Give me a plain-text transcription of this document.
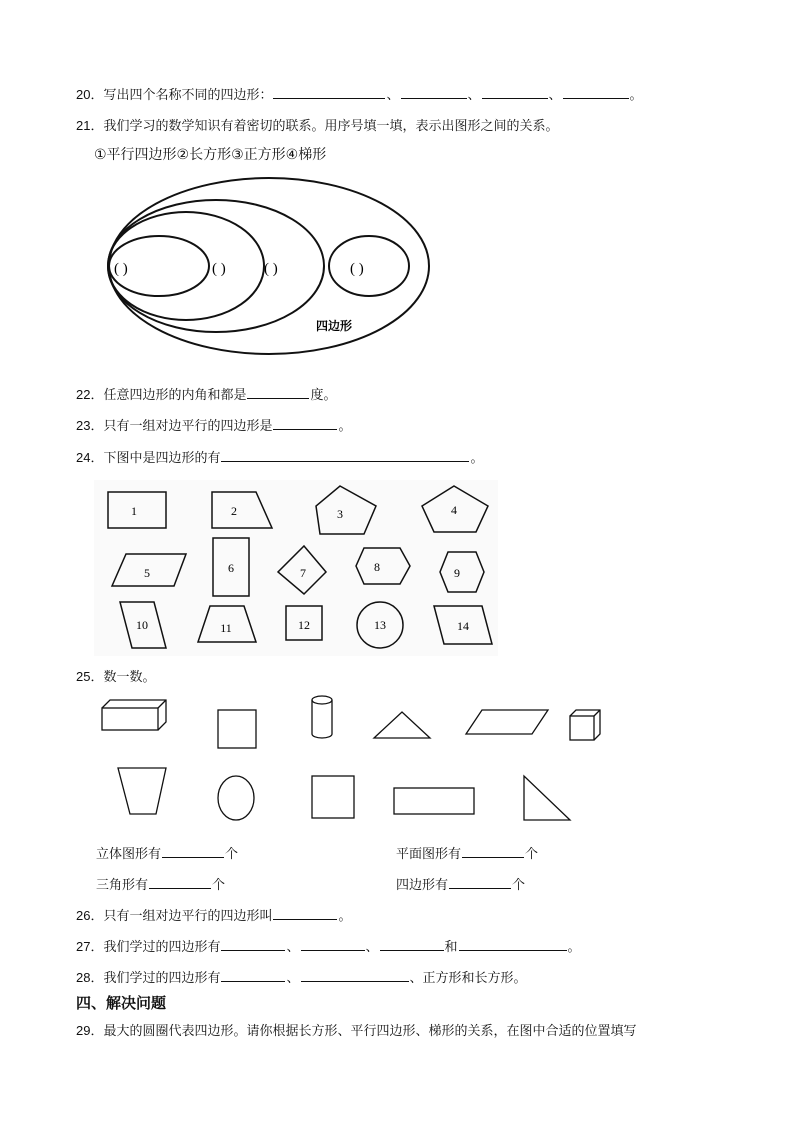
20．写出四个名称不同的四边形：	、	、	、	。
21．我们学习的数学知识有着密切的联系。用序号填一填，表示出图形之间的关系。
①平行四边形②长方形③正方形④梯形
( )	( )	( )	( )
四边形
22．任意四边形的内角和都是	度。
23．只有一组对边平行的四边形是	。
24．下图中是四边形的有	。
1	2	3	4
5	6	7	8	9
10	11	12	13	14
25．数一数。
立体图形有	个	平面图形有	个
三角形有	个	四边形有	个
26．只有一组对边平行的四边形叫	。
27．我们学过的四边形有	、	、	和	。
28．我们学过的四边形有	、	、正方形和长方形。
四、解决问题
29．最大的圆圈代表四边形。请你根据长方形、平行四边形、梯形的关系，在图中合适的位置填写
